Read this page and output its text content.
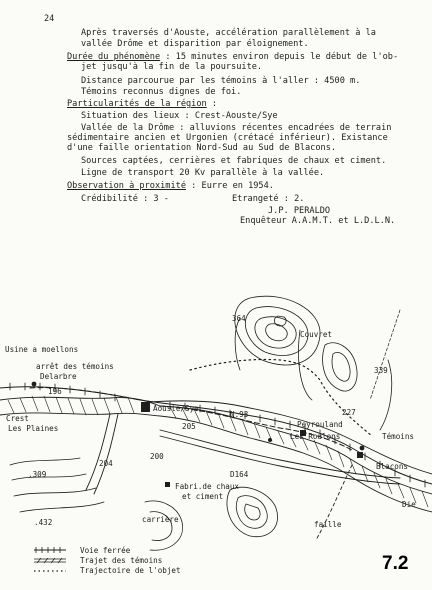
24
Après traversés d'Aouste, accélération parallèlement à la
vallée Drôme et disparition par éloignement.
Durée du phénomène : 15 minutes environ depuis le début de l'ob-
jet jusqu'à la fin de la poursuite.
Distance parcourue par les témoins à l'aller : 4500 m.
Témoins reconnus dignes de foi.
Particularités de la région :
Situation des lieux : Crest-Aouste/Sye
Vallée de la Drôme : alluvions récentes encadrées de terrain
sédimentaire ancien et Urgonien (crétacé inférieur). Existance
d'une faille orientation Nord-Sud au Sud de Blacons.
Sources captées, cerrières et fabriques de chaux et ciment.
Ligne de transport 20 Kv parallèle à la vallée.
Observation à proximité : Eurre en 1954.
Crédibilité : 3 -	Etrangeté : 2.
J.P. PERALDO
Enquêteur A.A.M.T. et L.D.L.N.
Usine a moellons
arrêt des témoins
Delarbre
196
Crest
Les Plaines
.309
.432
204
Aouste/Sye
205
N.93
364
Couvret
339
227
Peyrouland
Les Roulons	Témoins
Blacons
D164
Fabri.de chaux
et ciment
200
carrière
Die
faille
Voie ferrée
Trajet des témoins
Trajectoire de l'objet	7.2
